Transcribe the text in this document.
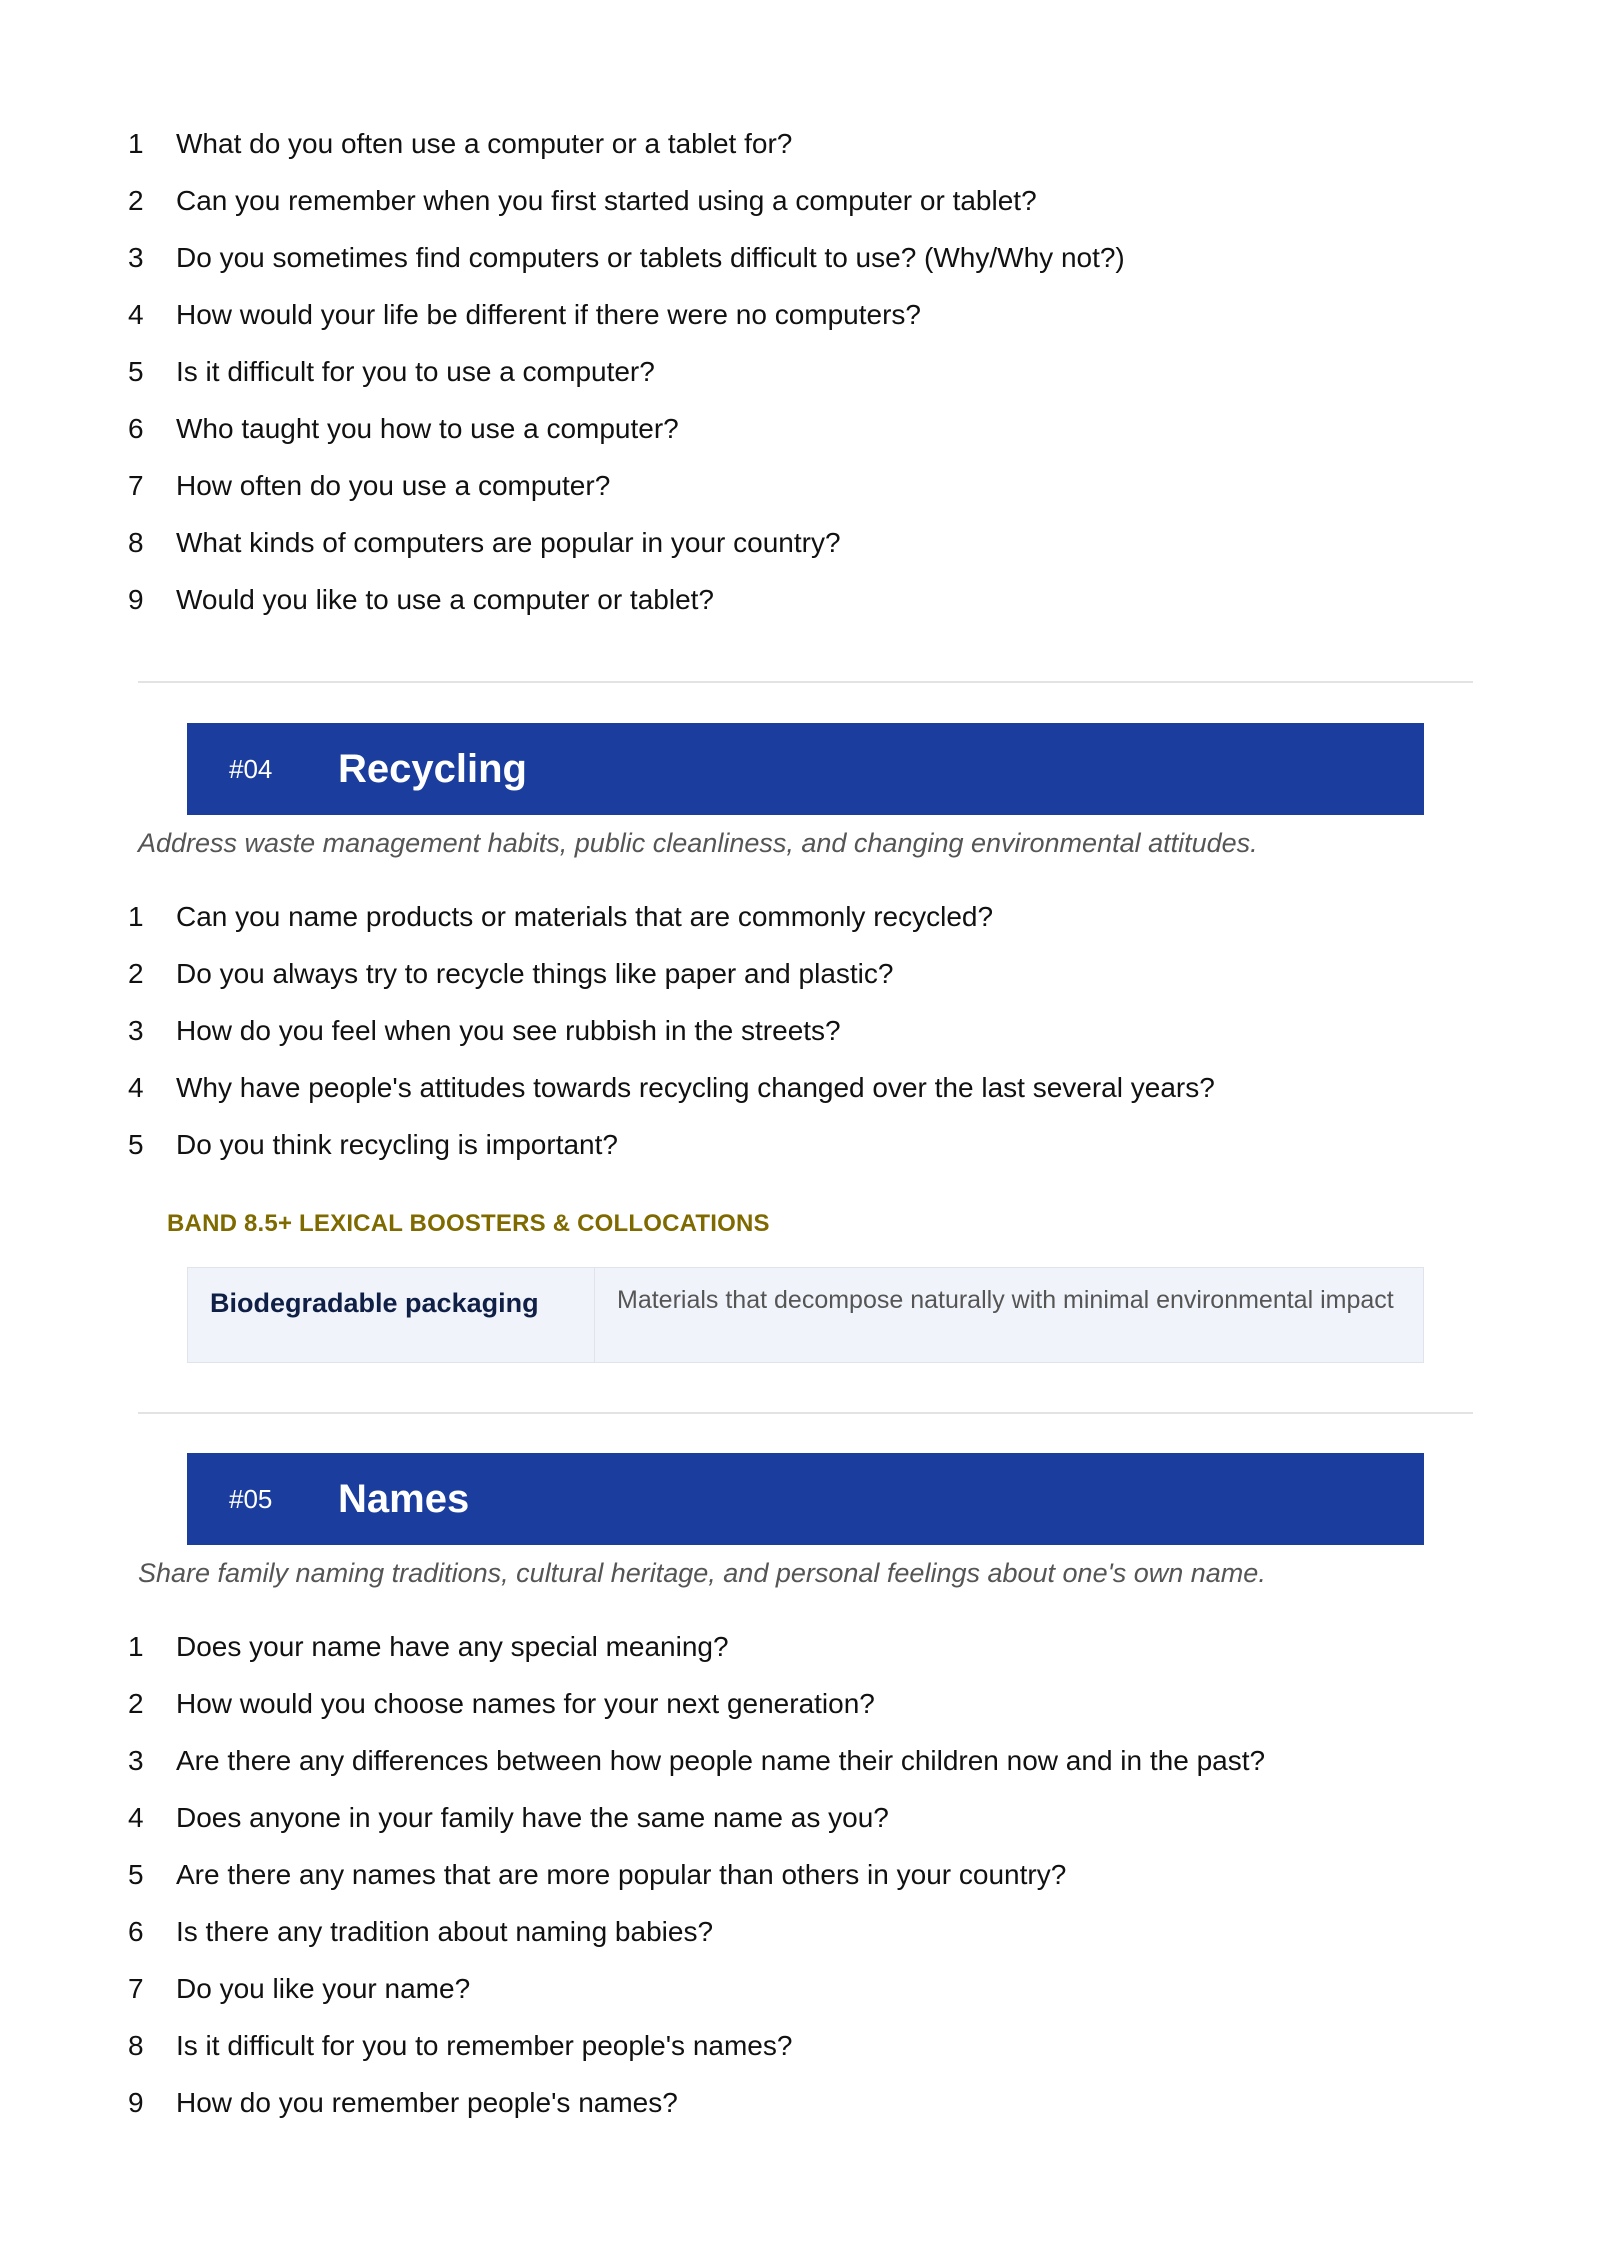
1	What do you often use a computer or a tablet for?
2	Can you remember when you first started using a computer or tablet?
3	Do you sometimes find computers or tablets difficult to use? (Why/Why not?)
4	How would your life be different if there were no computers?
5	Is it difficult for you to use a computer?
6	Who taught you how to use a computer?
7	How often do you use a computer?
8	What kinds of computers are popular in your country?
9	Would you like to use a computer or tablet?
#04 Recycling
Address waste management habits, public cleanliness, and changing environmental attitudes.
1	Can you name products or materials that are commonly recycled?
2	Do you always try to recycle things like paper and plastic?
3	How do you feel when you see rubbish in the streets?
4	Why have people's attitudes towards recycling changed over the last several years?
5	Do you think recycling is important?
BAND 8.5+ LEXICAL BOOSTERS & COLLOCATIONS
Biodegradable packaging	Materials that decompose naturally with minimal environmental impact
#05 Names
Share family naming traditions, cultural heritage, and personal feelings about one's own name.
1	Does your name have any special meaning?
2	How would you choose names for your next generation?
3	Are there any differences between how people name their children now and in the past?
4	Does anyone in your family have the same name as you?
5	Are there any names that are more popular than others in your country?
6	Is there any tradition about naming babies?
7	Do you like your name?
8	Is it difficult for you to remember people's names?
9	How do you remember people's names?
